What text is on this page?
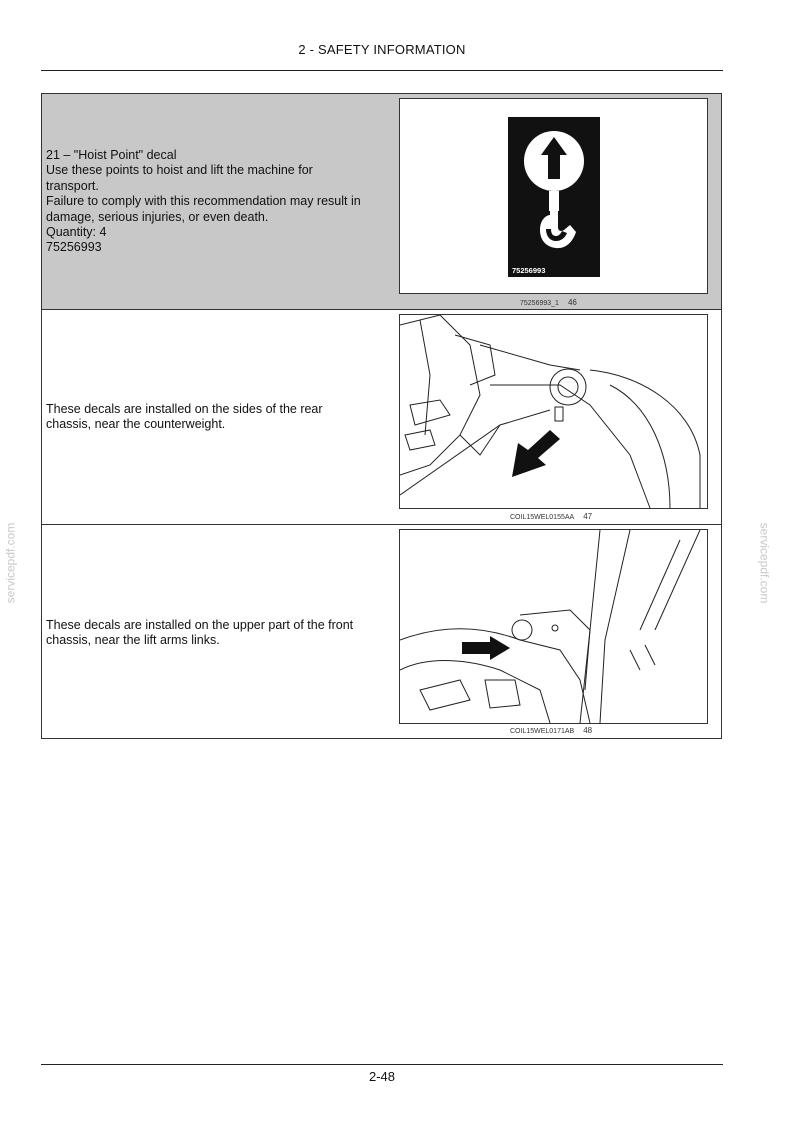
2 - SAFETY INFORMATION
21 – "Hoist Point" decal
Use these points to hoist and lift the machine for
transport.
Failure to comply with this recommendation may result in
damage, serious injuries, or even death.
Quantity: 4
75256993
75256993
75256993_1 46
These decals are installed on the sides of the rear
chassis, near the counterweight.
COIL15WEL0155AA 47
These decals are installed on the upper part of the front
chassis, near the lift arms links.
COIL15WEL0171AB 48
servicepdf.com	servicepdf.com
2-48
